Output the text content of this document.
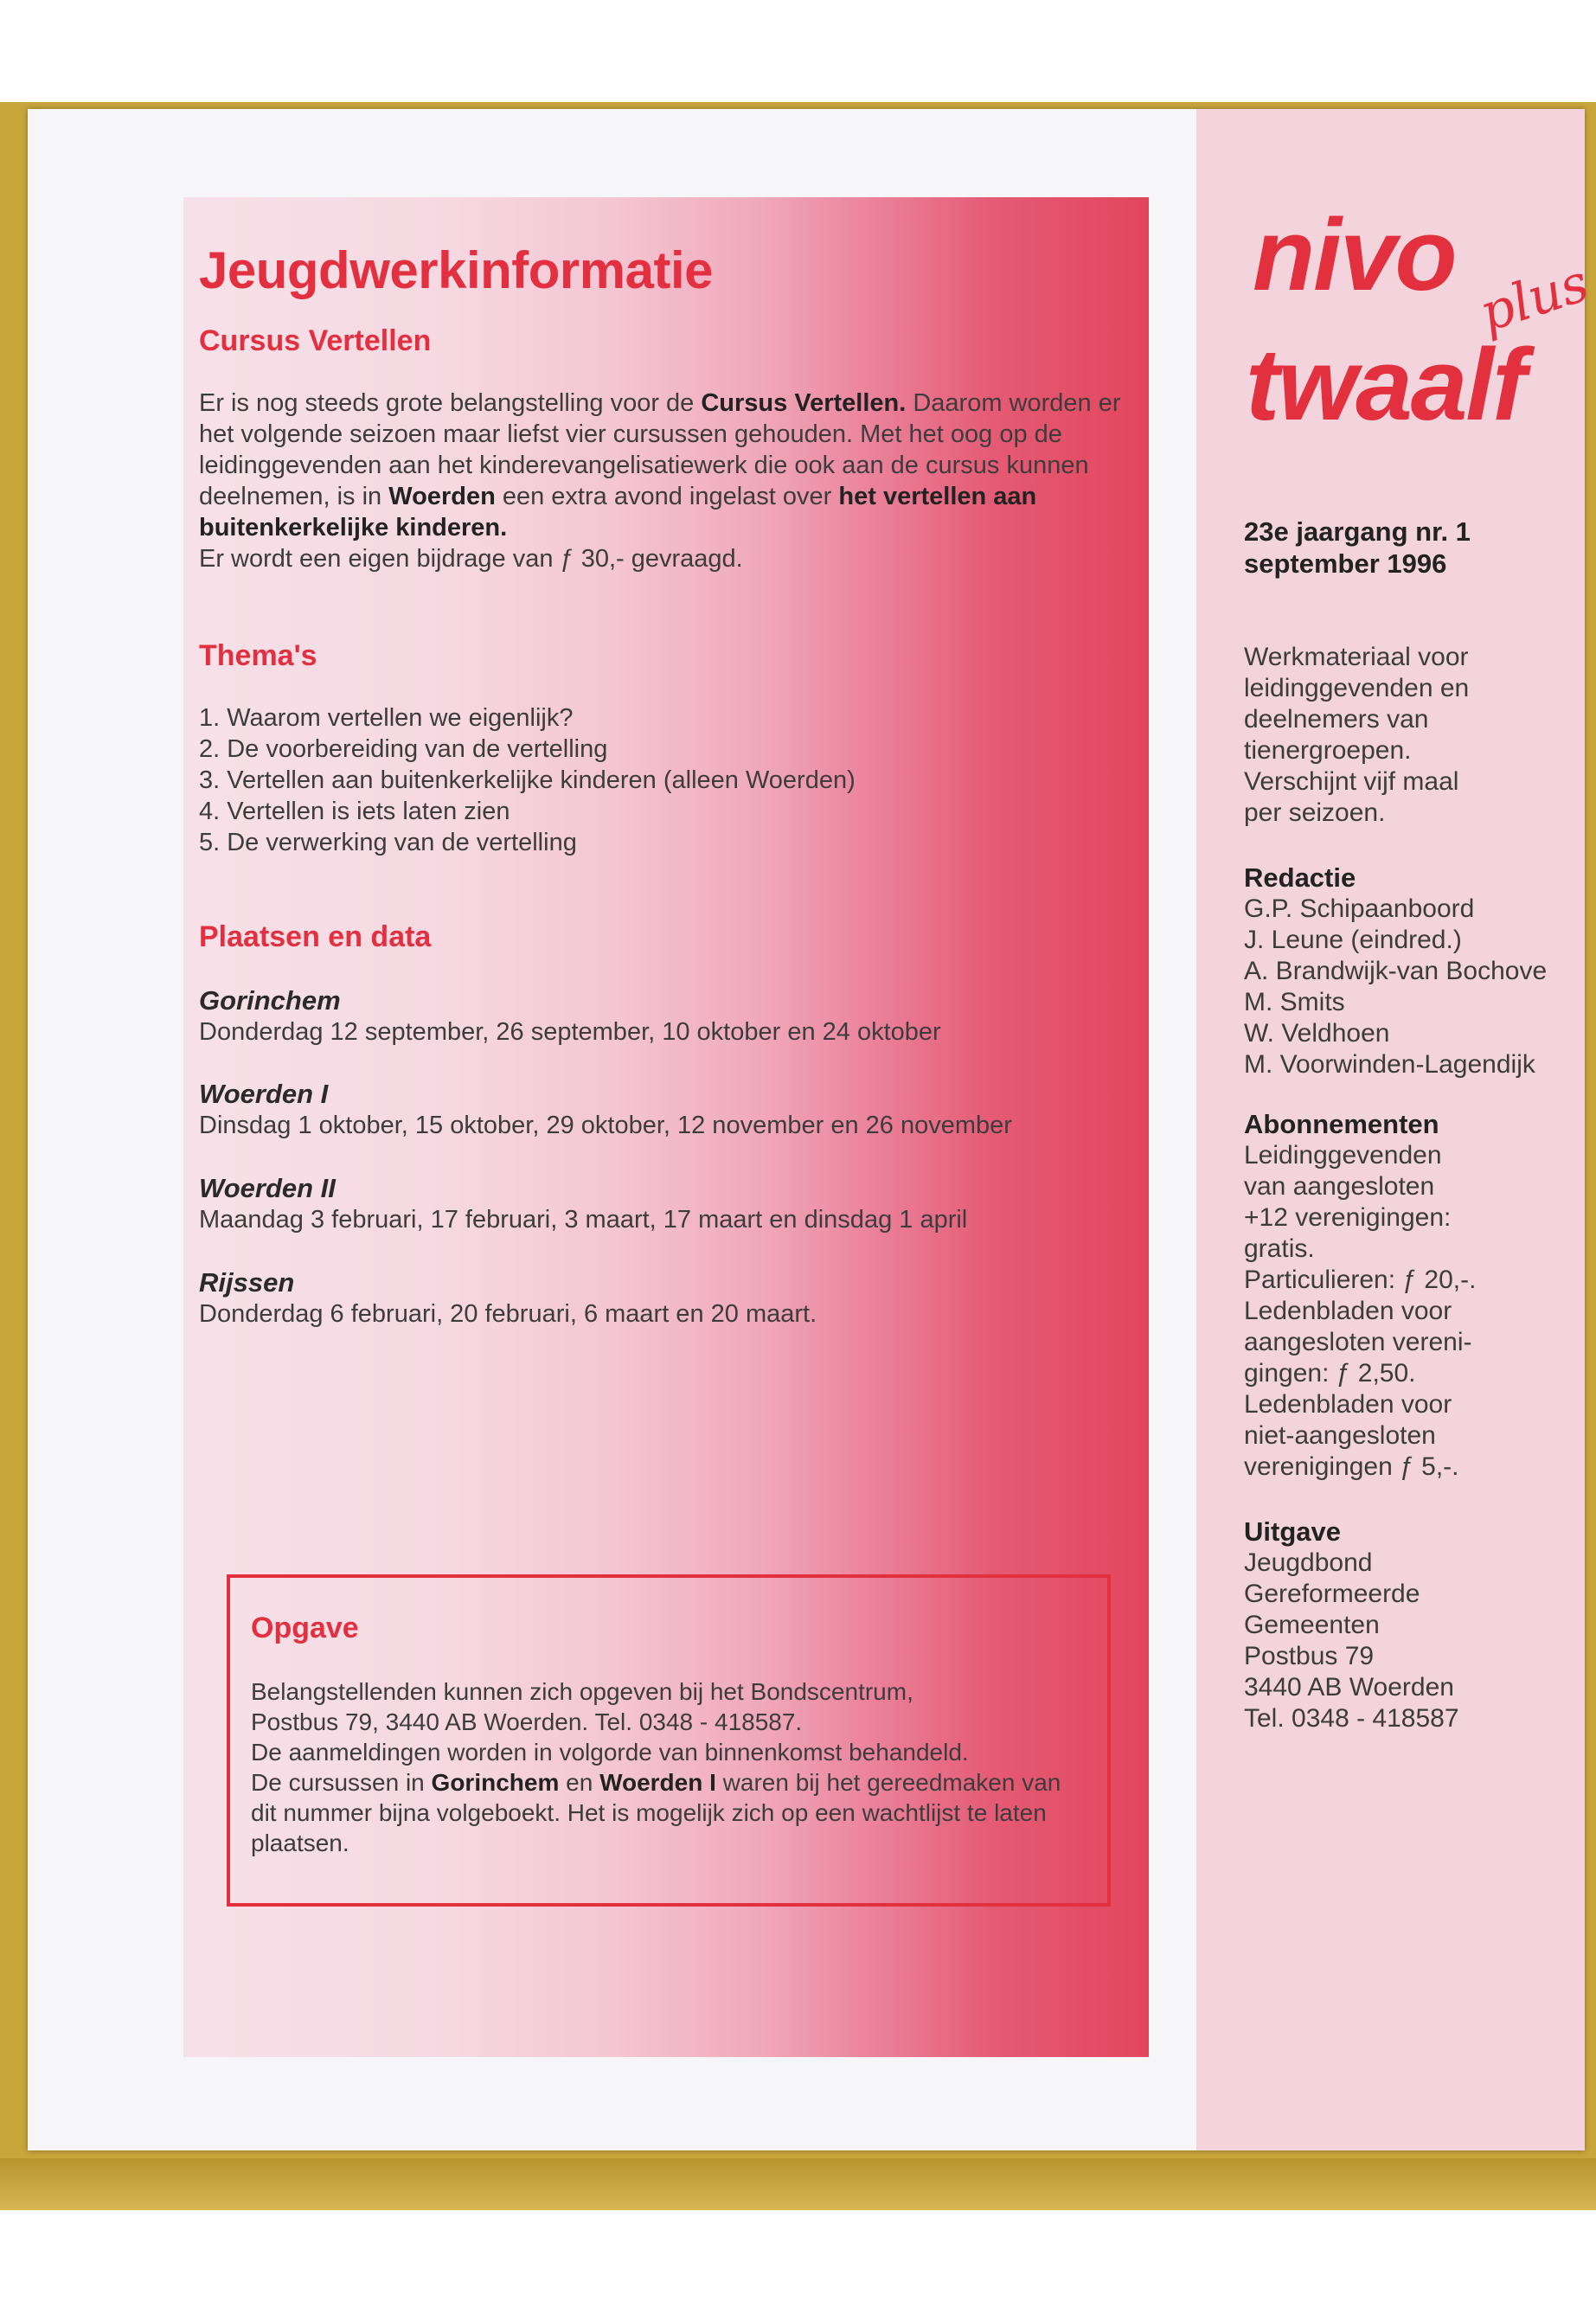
Jeugdwerkinformatie
Cursus Vertellen
Er is nog steeds grote belangstelling voor de Cursus Vertellen. Daarom worden er het volgende seizoen maar liefst vier cursussen gehouden. Met het oog op de leidinggevenden aan het kinderevangelisatiewerk die ook aan de cursus kunnen deelnemen, is in Woerden een extra avond ingelast over het vertellen aan buitenkerkelijke kinderen.
Er wordt een eigen bijdrage van ƒ 30,- gevraagd.
Thema's
1. Waarom vertellen we eigenlijk?
2. De voorbereiding van de vertelling
3. Vertellen aan buitenkerkelijke kinderen (alleen Woerden)
4. Vertellen is iets laten zien
5. De verwerking van de vertelling
Plaatsen en data
Gorinchem
Donderdag 12 september, 26 september, 10 oktober en 24 oktober
Woerden I
Dinsdag 1 oktober, 15 oktober, 29 oktober, 12 november en 26 november
Woerden II
Maandag 3 februari, 17 februari, 3 maart, 17 maart en dinsdag 1 april
Rijssen
Donderdag 6 februari, 20 februari, 6 maart en 20 maart.
Opgave
Belangstellenden kunnen zich opgeven bij het Bondscentrum,
Postbus 79, 3440 AB Woerden. Tel. 0348 - 418587.
De aanmeldingen worden in volgorde van binnenkomst behandeld.
De cursussen in Gorinchem en Woerden I waren bij het gereedmaken van dit nummer bijna volgeboekt. Het is mogelijk zich op een wachtlijst te laten plaatsen.
nivo plus
twaalf
23e jaargang nr. 1
september 1996
Werkmateriaal voor
leidinggevenden en
deelnemers van
tienergroepen.
Verschijnt vijf maal
per seizoen.
Redactie
G.P. Schipaanboord
J. Leune (eindred.)
A. Brandwijk-van Bochove
M. Smits
W. Veldhoen
M. Voorwinden-Lagendijk
Abonnementen
Leidinggevenden
van aangesloten
+12 verenigingen:
gratis.
Particulieren: ƒ 20,-.
Ledenbladen voor
aangesloten vereni-
gingen: ƒ 2,50.
Ledenbladen voor
niet-aangesloten
verenigingen ƒ 5,-.
Uitgave
Jeugdbond
Gereformeerde
Gemeenten
Postbus 79
3440 AB Woerden
Tel. 0348 - 418587
